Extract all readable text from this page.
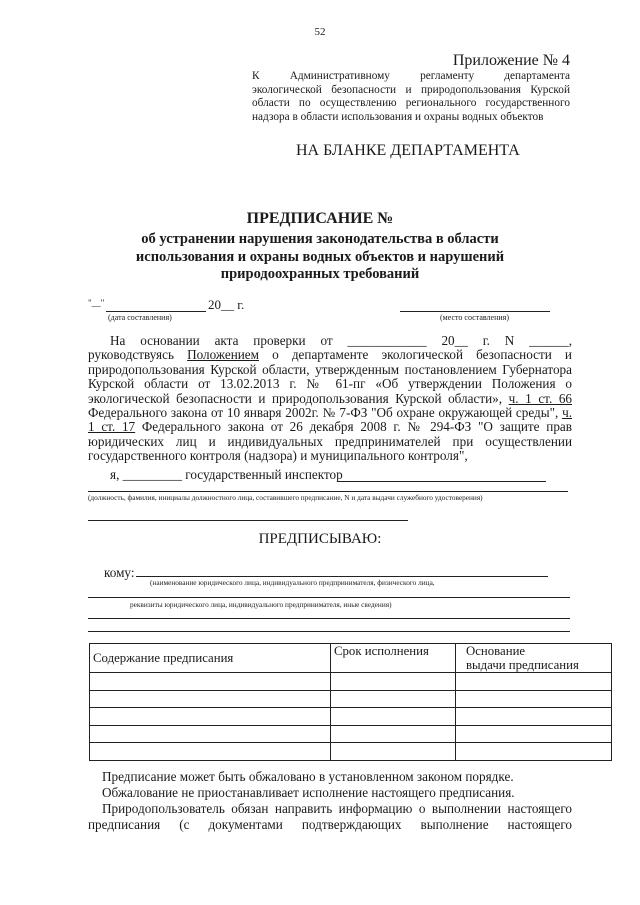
52
Приложение № 4
К Административному регламенту департамента
экологической безопасности и природопользования Курской
области по осуществлению регионального государственного
надзора в области использования и охраны водных объектов
НА БЛАНКЕ ДЕПАРТАМЕНТА
ПРЕДПИСАНИЕ №
об устранении нарушения законодательства в области
использования и охраны водных объектов и нарушений
природоохранных требований
"__"	20__ г.
(дата составления)	(место составления)
На основании акта проверки от ____________ 20__ г. N ______,
руководствуясь Положением о департаменте экологической безопасности и
природопользования Курской области, утвержденным постановлением Губернатора
Курской области от 13.02.2013 г. № 61-пг «Об утверждении Положения о
экологической безопасности и природопользования Курской области», ч. 1 ст. 66
Федерального закона от 10 января 2002г. № 7-ФЗ "Об охране окружающей среды", ч.
1 ст. 17 Федерального закона от 26 декабря 2008 г. № 294-ФЗ "О защите прав
юридических лиц и индивидуальных предпринимателей при осуществлении
государственного контроля (надзора) и муниципального контроля",
я, _________ государственный инспектор
(должность, фамилия, инициалы должностного лица, составившего предписание, N и дата выдачи служебного удостоверения)
ПРЕДПИСЫВАЮ:
кому:
(наименование юридического лица, индивидуального предпринимателя, физического лица,
реквизиты юридического лица, индивидуального предпринимателя, иные сведения)
Содержание предписания	Срок исполнения	Основание
выдачи предписания

Предписание может быть обжаловано в установленном законом порядке.
Обжалование не приостанавливает исполнение настоящего предписания.
Природопользователь обязан направить информацию о выполнении настоящего
предписания (с документами подтверждающих выполнение настоящего
